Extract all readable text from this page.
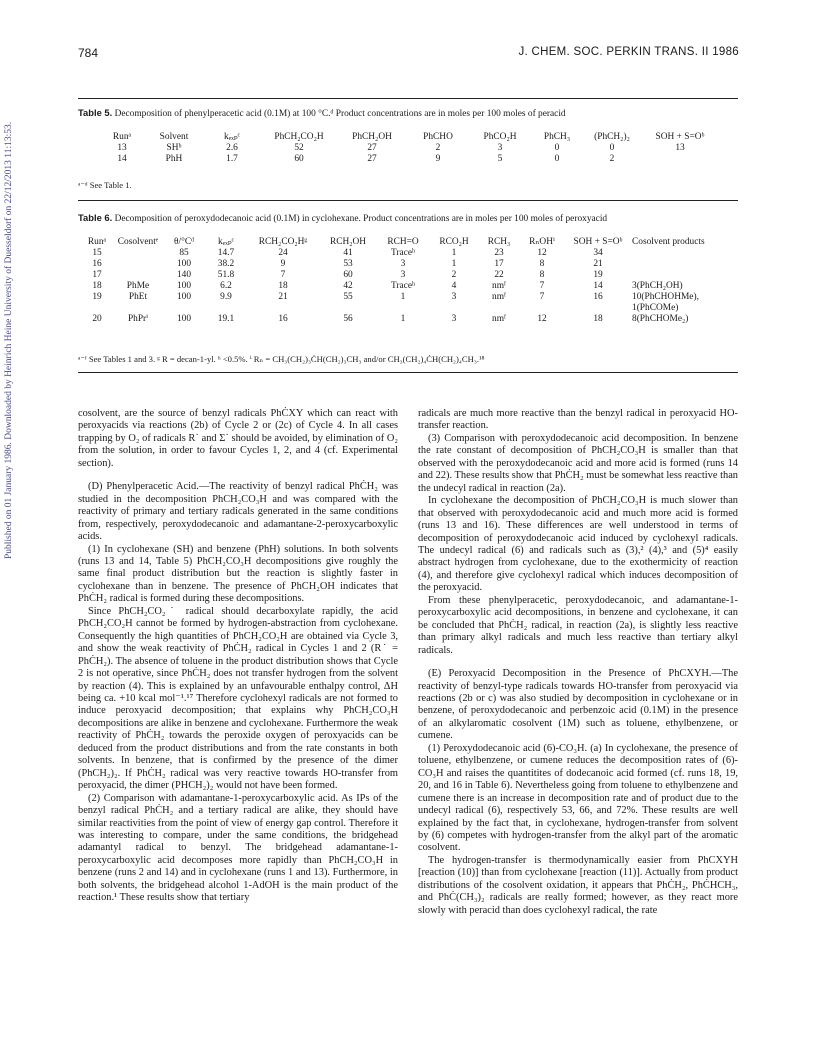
Published on 01 January 1986. Downloaded by Heinrich Heine University of Duesseldorf on 22/12/2013 11:13:53.
784	J. CHEM. SOC. PERKIN TRANS. II 1986
Table 5. Decomposition of phenylperacetic acid (0.1M) at 100 °C.ᵈ Product concentrations are in moles per 100 moles of peracid
Runᵃ	Solvent	kₑₓₚᶜ	PhCH₂CO₂H	PhCH₂OH	PhCHO	PhCO₂H	PhCH₃	(PhCH₂)₂	SOH + S=Oᵇ
13	SHᵇ	2.6	52	27	2	3	0	0	13
14	PhH	1.7	60	27	9	5	0	2	
ᵃ⁻ᵈ See Table 1.
Table 6. Decomposition of peroxydodecanoic acid (0.1M) in cyclohexane. Product concentrations are in moles per 100 moles of peroxyacid
Runᵃ	Cosolventᵉ	θ/°Cᵈ	kₑₓₚᶜ	RCH₂CO₂Hᵍ	RCH₂OH	RCH=O	RCO₂H	RCH₃	RₙOHⁱ	SOH + S=Oᵇ	Cosolvent products
15		85	14.7	24	41	Traceʰ	1	23	12	34	
16		100	38.2	9	53	3	1	17	8	21	
17		140	51.8	7	60	3	2	22	8	19	
18	PhMe	100	6.2	18	42	Traceʰ	4	nmᶠ	7	14	3(PhCH₂OH)
19	PhEt	100	9.9	21	55	1	3	nmᶠ	7	16	10(PhCHOHMe),
											1(PhCOMe)
20	PhPrⁱ	100	19.1	16	56	1	3	nmᶠ	12	18	8(PhCHOMe₂)
ᵃ⁻ᶠ See Tables 1 and 3. ᵍ R = decan-1-yl. ʰ <0.5%. ⁱ Rₙ = CH₃(CH₂)₃ĊH(CH₂)₃CH₃ and/or CH₃(CH₂)₄ĊH(CH₂)₄CH₃.¹⁸

cosolvent, are the source of benzyl radicals PhĊXY which can react with peroxyacids via reactions (2b) of Cycle 2 or (2c) of Cycle 4. In all cases trapping by O₂ of radicals R˙ and Σ˙ should be avoided, by elimination of O₂ from the solution, in order to favour Cycles 1, 2, and 4 (cf. Experimental section).

(D) Phenylperacetic Acid.—The reactivity of benzyl radical PhĊH₂ was studied in the decomposition PhCH₂CO₃H and was compared with the reactivity of primary and tertiary radicals generated in the same conditions from, respectively, peroxydodecanoic and adamantane-2-peroxycarboxylic acids.

(1) In cyclohexane (SH) and benzene (PhH) solutions. In both solvents (runs 13 and 14, Table 5) PhCH₂CO₃H decompositions give roughly the same final product distribution but the reaction is slightly faster in cyclohexane than in benzene. The presence of PhCH₂OH indicates that PhĊH₂ radical is formed during these decompositions.

Since PhCH₂CO₂˙ radical should decarboxylate rapidly, the acid PhCH₂CO₂H cannot be formed by hydrogen-abstraction from cyclohexane. Consequently the high quantities of PhCH₂CO₂H are obtained via Cycle 3, and show the weak reactivity of PhĊH₂ radical in Cycles 1 and 2 (R˙ = PhĊH₂). The absence of toluene in the product distribution shows that Cycle 2 is not operative, since PhĊH₂ does not transfer hydrogen from the solvent by reaction (4). This is explained by an unfavourable enthalpy control, ΔH being ca. +10 kcal mol⁻¹.¹⁷ Therefore cyclohexyl radicals are not formed to induce peroxyacid decomposition; that explains why PhCH₂CO₃H decompositions are alike in benzene and cyclohexane. Furthermore the weak reactivity of PhĊH₂ towards the peroxide oxygen of peroxyacids can be deduced from the product distributions and from the rate constants in both solvents. In benzene, that is confirmed by the presence of the dimer (PhCH₂)₂. If PhĊH₂ radical was very reactive towards HO-transfer from peroxyacid, the dimer (PHCH₂)₂ would not have been formed.

(2) Comparison with adamantane-1-peroxycarboxylic acid. As IPs of the benzyl radical PhĊH₂ and a tertiary radical are alike, they should have similar reactivities from the point of view of energy gap control. Therefore it was interesting to compare, under the same conditions, the bridgehead adamantyl radical to benzyl. The bridgehead adamantane-1-peroxycarboxylic acid decomposes more rapidly than PhCH₂CO₃H in benzene (runs 2 and 14) and in cyclohexane (runs 1 and 13). Furthermore, in both solvents, the bridgehead alcohol 1-AdOH is the main product of the reaction.¹ These results show that tertiary

radicals are much more reactive than the benzyl radical in peroxyacid HO-transfer reaction.

(3) Comparison with peroxydodecanoic acid decomposition. In benzene the rate constant of decomposition of PhCH₂CO₃H is smaller than that observed with the peroxydodecanoic acid and more acid is formed (runs 14 and 22). These results show that PhĊH₂ must be somewhat less reactive than the undecyl radical in reaction (2a).

In cyclohexane the decomposition of PhCH₂CO₃H is much slower than that observed with peroxydodecanoic acid and much more acid is formed (runs 13 and 16). These differences are well understood in terms of decomposition of peroxydodecanoic acid induced by cyclohexyl radicals. The undecyl radical (6) and radicals such as (3),² (4),³ and (5)⁴ easily abstract hydrogen from cyclohexane, due to the exothermicity of reaction (4), and therefore give cyclohexyl radical which induces decomposition of the peroxyacid.

From these phenylperacetic, peroxydodecanoic, and adamantane-1-peroxycarboxylic acid decompositions, in benzene and cyclohexane, it can be concluded that PhĊH₂ radical, in reaction (2a), is slightly less reactive than primary alkyl radicals and much less reactive than tertiary alkyl radicals.

(E) Peroxyacid Decomposition in the Presence of PhCXYH.—The reactivity of benzyl-type radicals towards HO-transfer from peroxyacid via reactions (2b or c) was also studied by decomposition in cyclohexane or in benzene, of peroxydodecanoic and perbenzoic acid (0.1M) in the presence of an alkylaromatic cosolvent (1M) such as toluene, ethylbenzene, or cumene.

(1) Peroxydodecanoic acid (6)-CO₃H. (a) In cyclohexane, the presence of toluene, ethylbenzene, or cumene reduces the decomposition rates of (6)-CO₃H and raises the quantitites of dodecanoic acid formed (cf. runs 18, 19, 20, and 16 in Table 6). Nevertheless going from toluene to ethylbenzene and cumene there is an increase in decomposition rate and of product due to the undecyl radical (6), respectively 53, 66, and 72%. These results are well explained by the fact that, in cyclohexane, hydrogen-transfer from solvent by (6) competes with hydrogen-transfer from the alkyl part of the aromatic cosolvent.

The hydrogen-transfer is thermodynamically easier from PhCXYH [reaction (10)] than from cyclohexane [reaction (11)]. Actually from product distributions of the cosolvent oxidation, it appears that PhĊH₂, PhĊHCH₃, and PhĊ(CH₃)₂ radicals are really formed; however, as they react more slowly with peracid than does cyclohexyl radical, the rate
